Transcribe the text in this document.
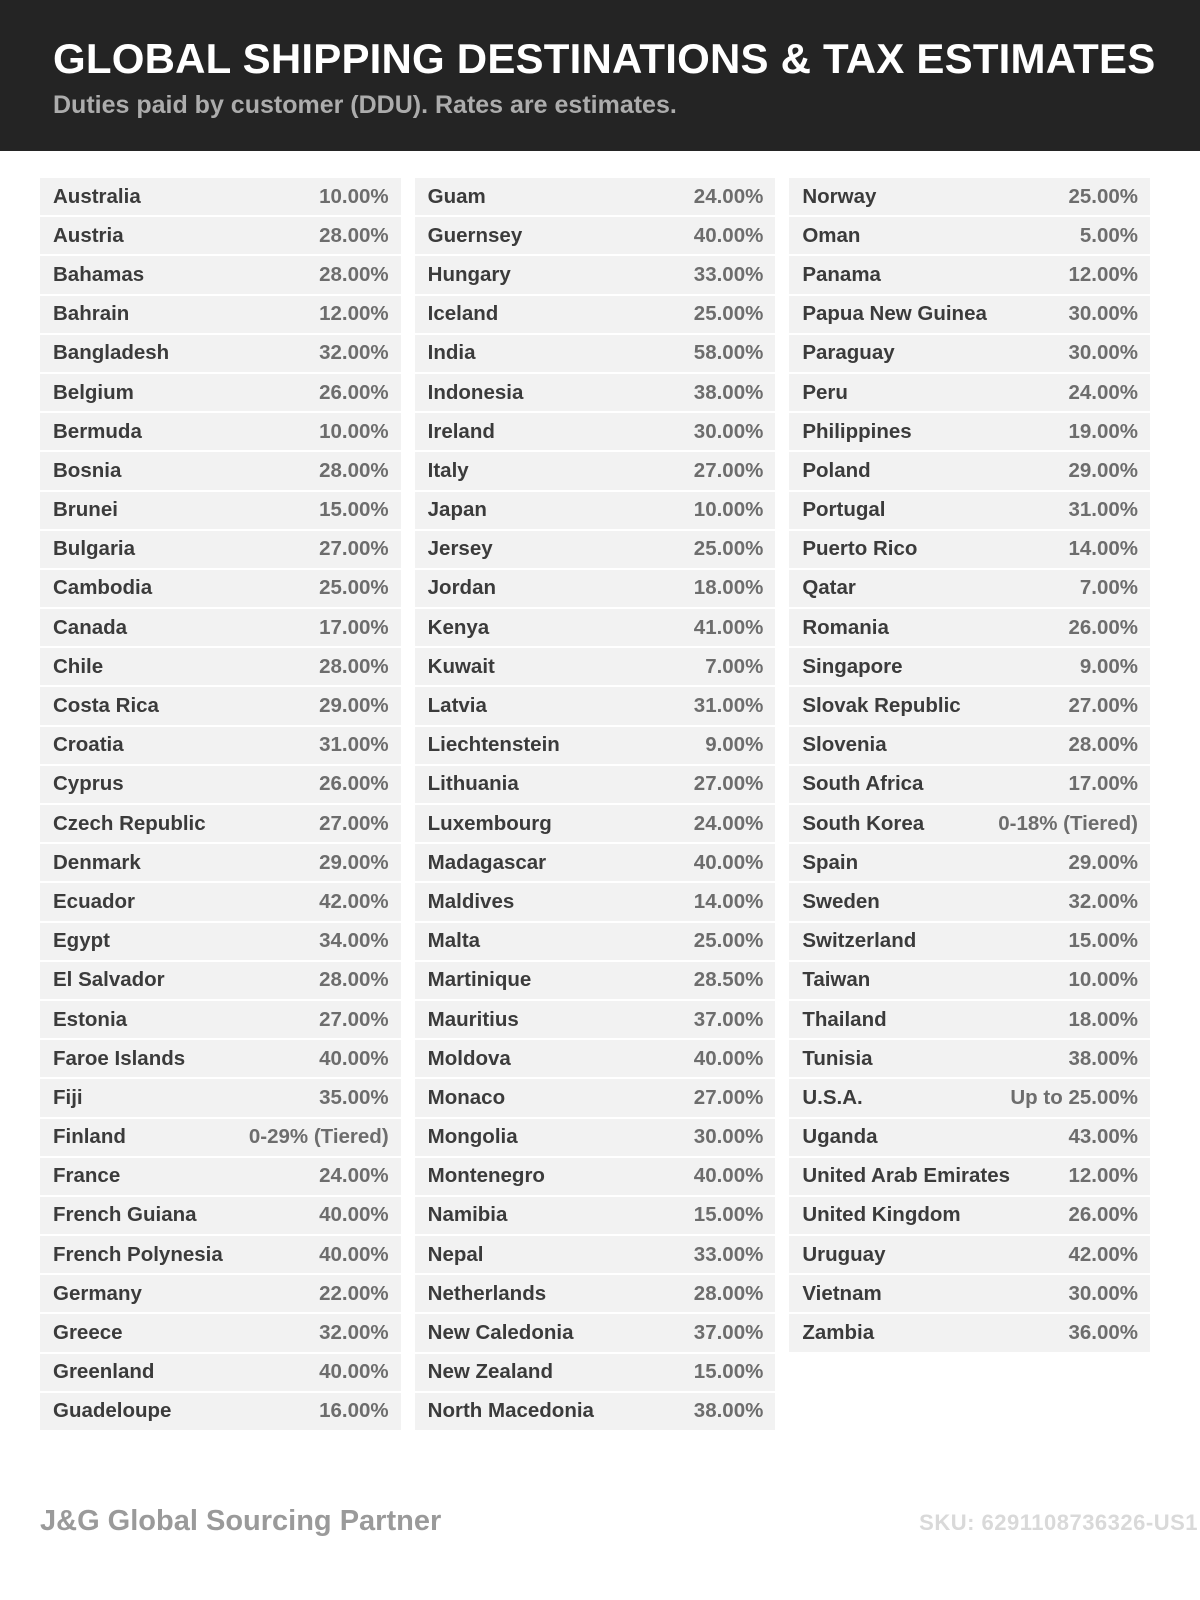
GLOBAL SHIPPING DESTINATIONS & TAX ESTIMATES
Duties paid by customer (DDU). Rates are estimates.
Australia	10.00%
Austria	28.00%
Bahamas	28.00%
Bahrain	12.00%
Bangladesh	32.00%
Belgium	26.00%
Bermuda	10.00%
Bosnia	28.00%
Brunei	15.00%
Bulgaria	27.00%
Cambodia	25.00%
Canada	17.00%
Chile	28.00%
Costa Rica	29.00%
Croatia	31.00%
Cyprus	26.00%
Czech Republic	27.00%
Denmark	29.00%
Ecuador	42.00%
Egypt	34.00%
El Salvador	28.00%
Estonia	27.00%
Faroe Islands	40.00%
Fiji	35.00%
Finland	0-29% (Tiered)
France	24.00%
French Guiana	40.00%
French Polynesia	40.00%
Germany	22.00%
Greece	32.00%
Greenland	40.00%
Guadeloupe	16.00%
Guam	24.00%
Guernsey	40.00%
Hungary	33.00%
Iceland	25.00%
India	58.00%
Indonesia	38.00%
Ireland	30.00%
Italy	27.00%
Japan	10.00%
Jersey	25.00%
Jordan	18.00%
Kenya	41.00%
Kuwait	7.00%
Latvia	31.00%
Liechtenstein	9.00%
Lithuania	27.00%
Luxembourg	24.00%
Madagascar	40.00%
Maldives	14.00%
Malta	25.00%
Martinique	28.50%
Mauritius	37.00%
Moldova	40.00%
Monaco	27.00%
Mongolia	30.00%
Montenegro	40.00%
Namibia	15.00%
Nepal	33.00%
Netherlands	28.00%
New Caledonia	37.00%
New Zealand	15.00%
North Macedonia	38.00%
Norway	25.00%
Oman	5.00%
Panama	12.00%
Papua New Guinea	30.00%
Paraguay	30.00%
Peru	24.00%
Philippines	19.00%
Poland	29.00%
Portugal	31.00%
Puerto Rico	14.00%
Qatar	7.00%
Romania	26.00%
Singapore	9.00%
Slovak Republic	27.00%
Slovenia	28.00%
South Africa	17.00%
South Korea	0-18% (Tiered)
Spain	29.00%
Sweden	32.00%
Switzerland	15.00%
Taiwan	10.00%
Thailand	18.00%
Tunisia	38.00%
U.S.A.	Up to 25.00%
Uganda	43.00%
United Arab Emirates	12.00%
United Kingdom	26.00%
Uruguay	42.00%
Vietnam	30.00%
Zambia	36.00%
J&G Global Sourcing Partner	SKU: 6291108736326-US1
